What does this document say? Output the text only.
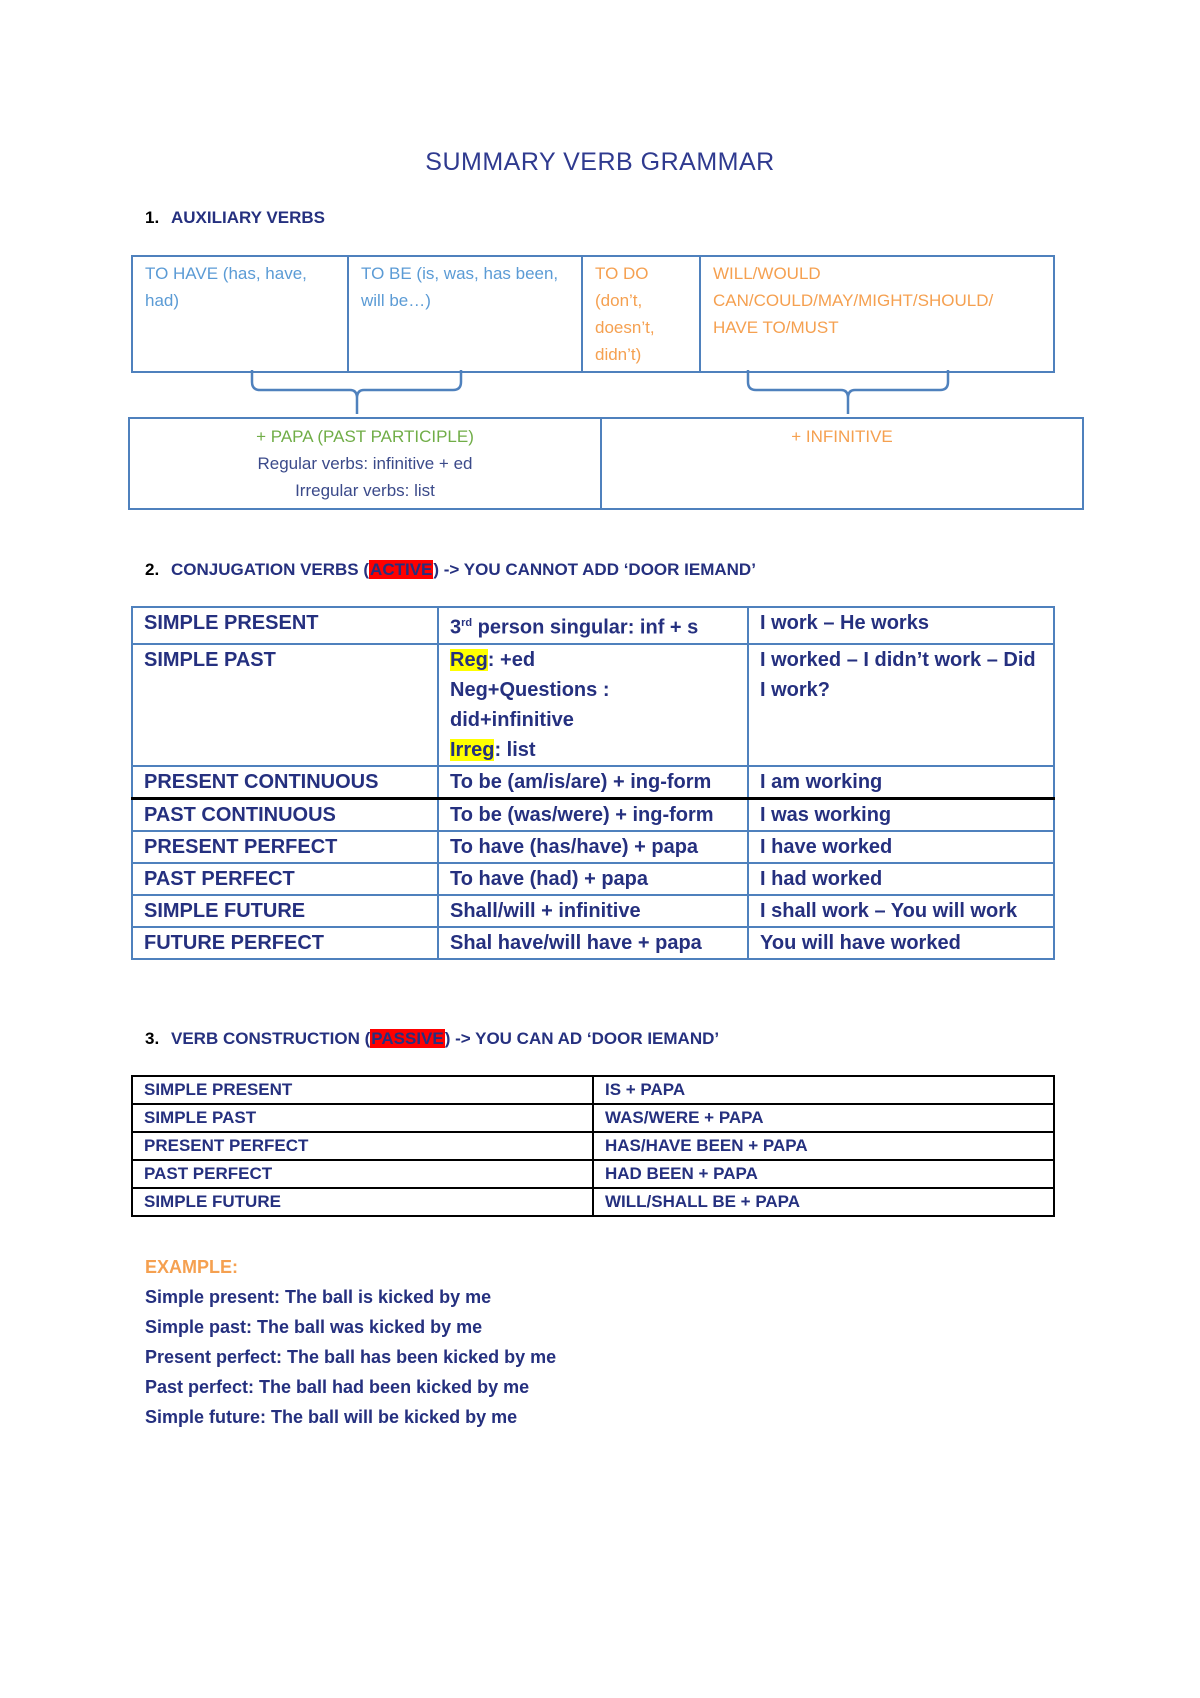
SUMMARY VERB GRAMMAR
1. AUXILIARY VERBS
TO HAVE (has, have, had)	TO BE (is, was, has been, will be…)	TO DO (don’t, doesn’t, didn’t)	WILL/WOULD CAN/COULD/MAY/MIGHT/SHOULD/ HAVE TO/MUST
+ PAPA (PAST PARTICIPLE)
Regular verbs: infinitive + ed
Irregular verbs: list

+ INFINITIVE
2. CONJUGATION VERBS (ACTIVE) -> YOU CANNOT ADD ‘DOOR IEMAND’
SIMPLE PRESENT	3rd person singular: inf + s	I work – He works
SIMPLE PAST	Reg: +ed
Neg+Questions :
did+infinitive
Irreg: list	I worked – I didn’t work – Did I work?
PRESENT CONTINUOUS	To be (am/is/are) + ing-form	I am working
PAST CONTINUOUS	To be (was/were) + ing-form	I was working
PRESENT PERFECT	To have (has/have) + papa	I have worked
PAST PERFECT	To have (had) + papa	I had worked
SIMPLE FUTURE	Shall/will + infinitive	I shall work – You will work
FUTURE PERFECT	Shal have/will have + papa	You will have worked
3. VERB CONSTRUCTION (PASSIVE) -> YOU CAN AD ‘DOOR IEMAND’
SIMPLE PRESENT	IS + PAPA
SIMPLE PAST	WAS/WERE + PAPA
PRESENT PERFECT	HAS/HAVE BEEN + PAPA
PAST PERFECT	HAD BEEN + PAPA
SIMPLE FUTURE	WILL/SHALL BE + PAPA
EXAMPLE:
Simple present: The ball is kicked by me
Simple past: The ball was kicked by me
Present perfect: The ball has been kicked by me
Past perfect: The ball had been kicked by me
Simple future: The ball will be kicked by me
